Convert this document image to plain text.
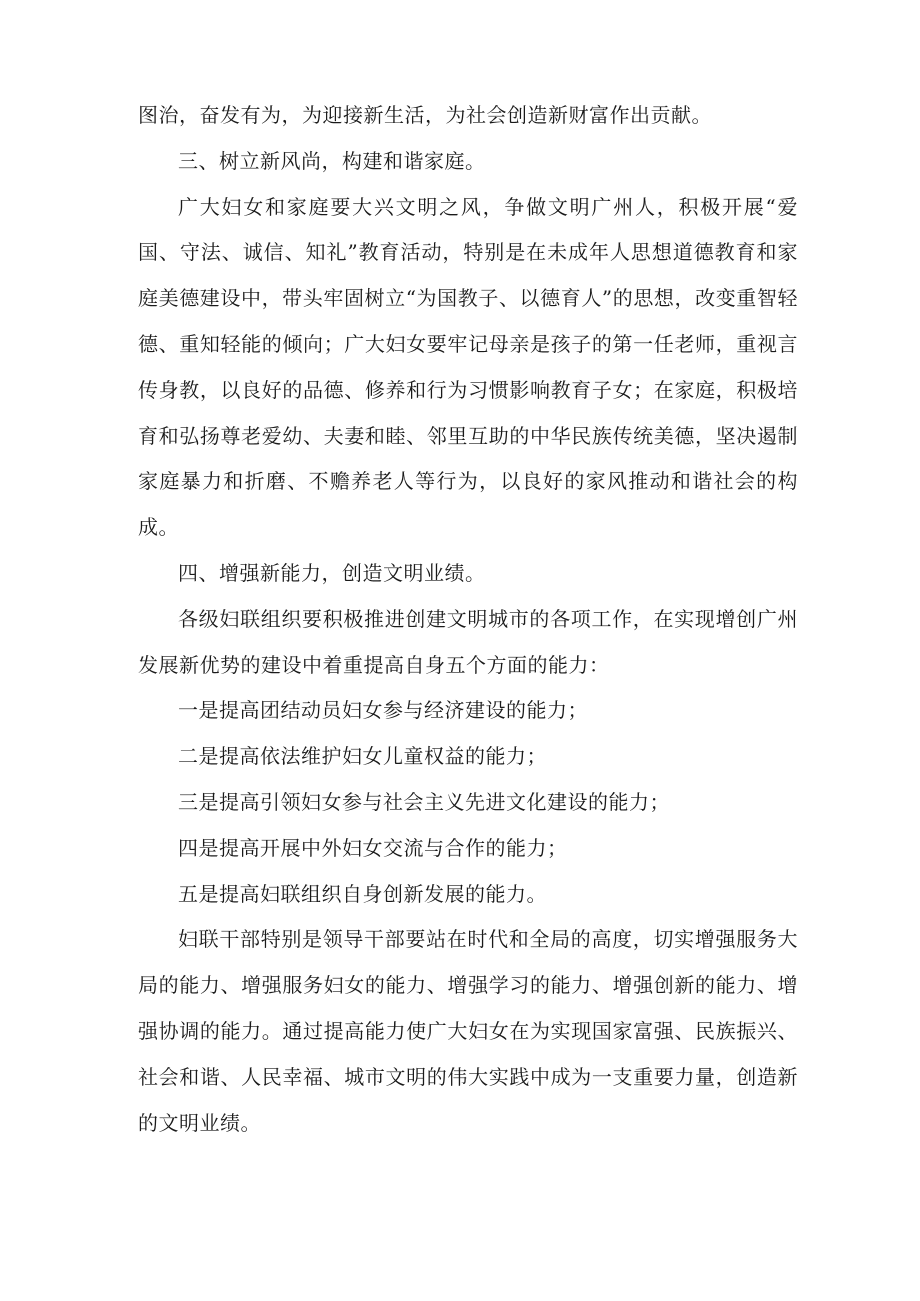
图治，奋发有为，为迎接新生活，为社会创造新财富作出贡献。

三、树立新风尚，构建和谐家庭。

广大妇女和家庭要大兴文明之风，争做文明广州人，积极开展“爱国、守法、诚信、知礼”教育活动，特别是在未成年人思想道德教育和家庭美德建设中，带头牢固树立“为国教子、以德育人”的思想，改变重智轻德、重知轻能的倾向；广大妇女要牢记母亲是孩子的第一任老师，重视言传身教，以良好的品德、修养和行为习惯影响教育子女；在家庭，积极培育和弘扬尊老爱幼、夫妻和睦、邻里互助的中华民族传统美德，坚决遏制家庭暴力和折磨、不赡养老人等行为，以良好的家风推动和谐社会的构成。

四、增强新能力，创造文明业绩。

各级妇联组织要积极推进创建文明城市的各项工作，在实现增创广州发展新优势的建设中着重提高自身五个方面的能力：

一是提高团结动员妇女参与经济建设的能力；

二是提高依法维护妇女儿童权益的能力；

三是提高引领妇女参与社会主义先进文化建设的能力；

四是提高开展中外妇女交流与合作的能力；

五是提高妇联组织自身创新发展的能力。

妇联干部特别是领导干部要站在时代和全局的高度，切实增强服务大局的能力、增强服务妇女的能力、增强学习的能力、增强创新的能力、增强协调的能力。通过提高能力使广大妇女在为实现国家富强、民族振兴、社会和谐、人民幸福、城市文明的伟大实践中成为一支重要力量，创造新的文明业绩。
